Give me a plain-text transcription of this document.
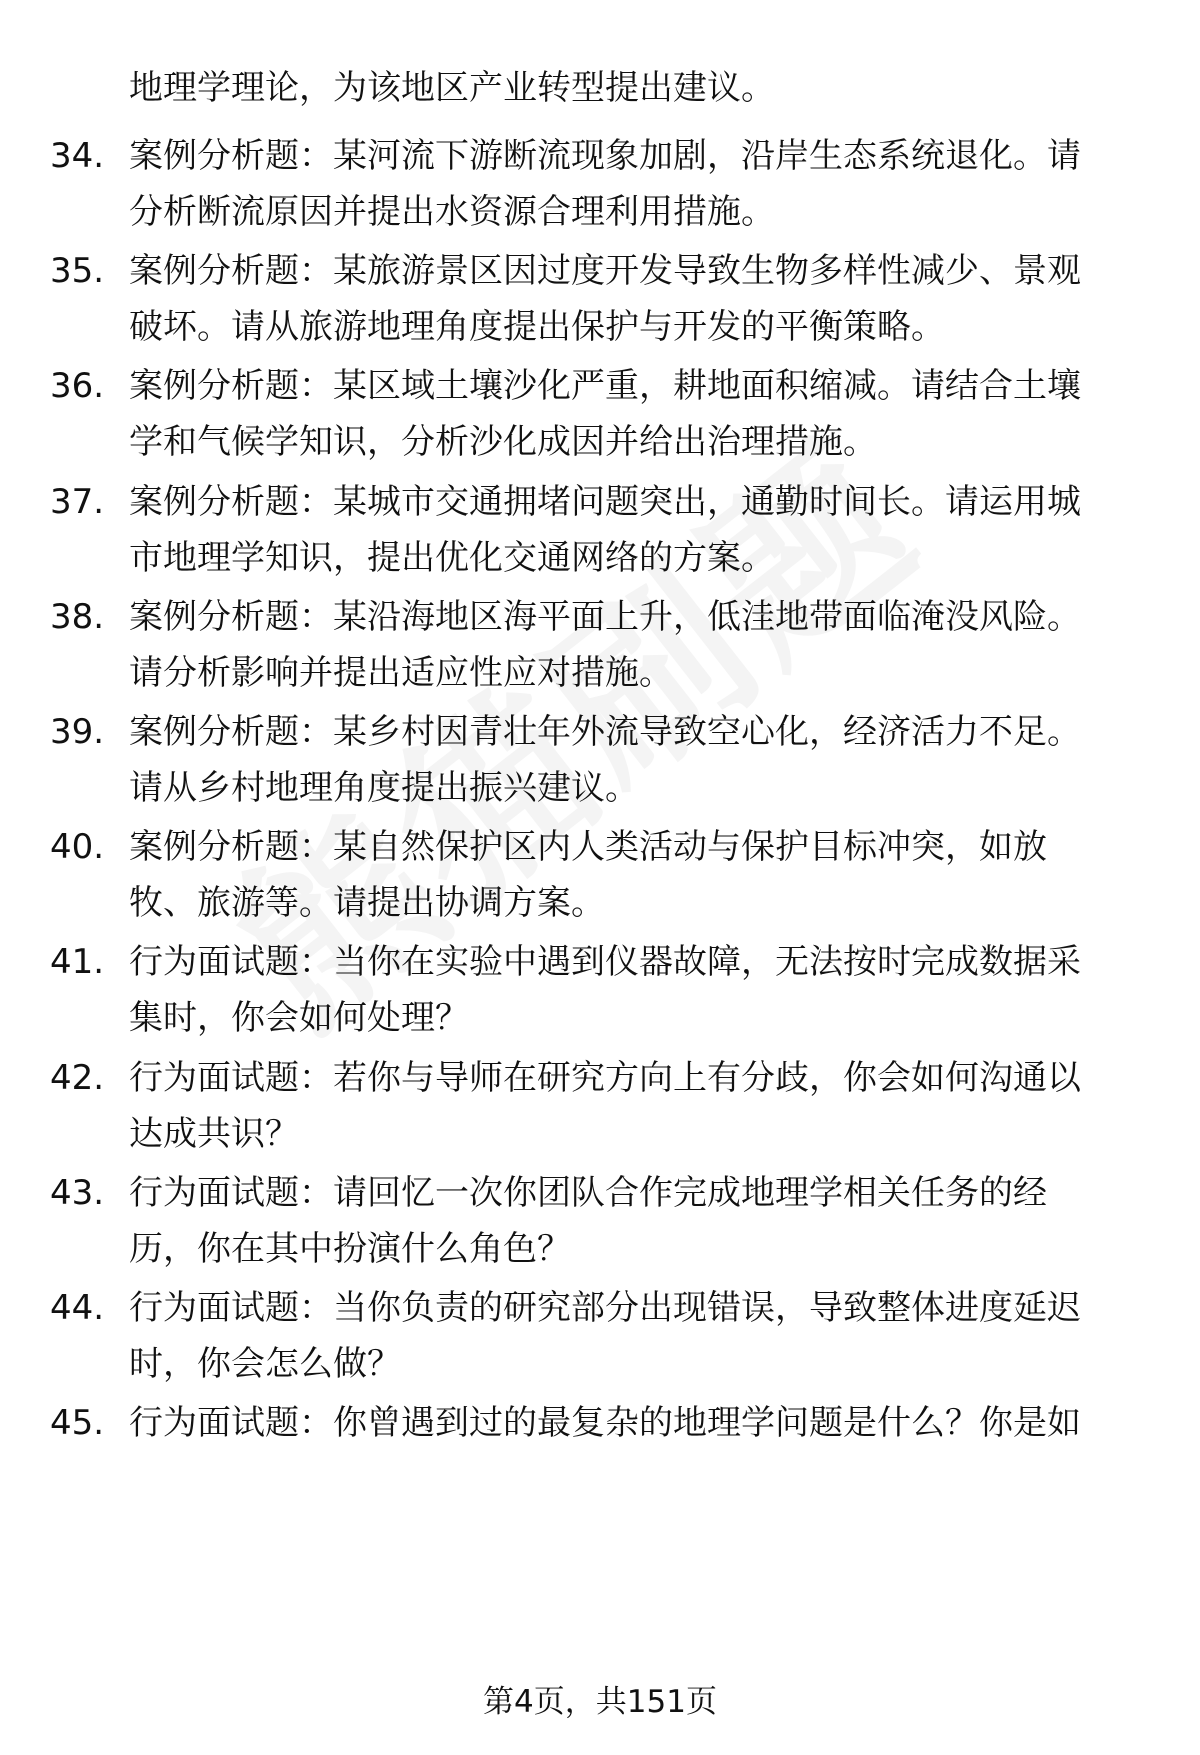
地理学理论，为该地区产业转型提出建议。
34. 案例分析题：某河流下游断流现象加剧，沿岸生态系统退化。请
分析断流原因并提出水资源合理利用措施。
35. 案例分析题：某旅游景区因过度开发导致生物多样性减少、景观
破坏。请从旅游地理角度提出保护与开发的平衡策略。
36. 案例分析题：某区域土壤沙化严重，耕地面积缩减。请结合土壤
学和气候学知识，分析沙化成因并给出治理措施。
37. 案例分析题：某城市交通拥堵问题突出，通勤时间长。请运用城
市地理学知识，提出优化交通网络的方案。
38. 案例分析题：某沿海地区海平面上升，低洼地带面临淹没风险。
请分析影响并提出适应性应对措施。
39. 案例分析题：某乡村因青壮年外流导致空心化，经济活力不足。
请从乡村地理角度提出振兴建议。
40. 案例分析题：某自然保护区内人类活动与保护目标冲突，如放
牧、旅游等。请提出协调方案。
41. 行为面试题：当你在实验中遇到仪器故障，无法按时完成数据采
集时，你会如何处理？
42. 行为面试题：若你与导师在研究方向上有分歧，你会如何沟通以
达成共识？
43. 行为面试题：请回忆一次你团队合作完成地理学相关任务的经
历，你在其中扮演什么角色？
44. 行为面试题：当你负责的研究部分出现错误，导致整体进度延迟
时，你会怎么做？
45. 行为面试题：你曾遇到过的最复杂的地理学问题是什么？你是如
第4页，共151页
